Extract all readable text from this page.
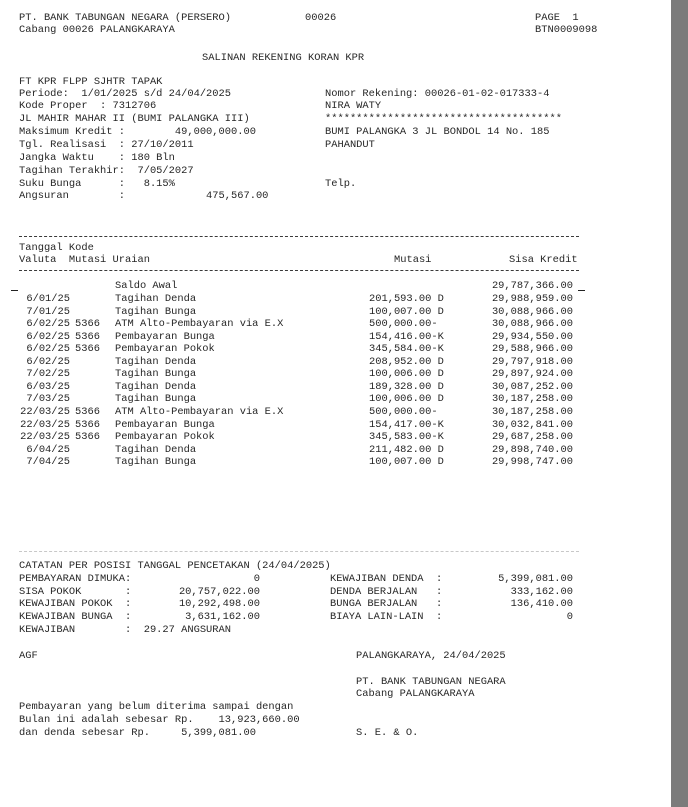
PT. BANK TABUNGAN NEGARA (PERSERO)	00026	PAGE  1
Cabang 00026 PALANGKARAYA	BTN0009098
SALINAN REKENING KORAN KPR
FT KPR FLPP SJHTR TAPAK
Periode:  1/01/2025 s/d 24/04/2025
Kode Proper  : 7312706
JL MAHIR MAHAR II (BUMI PALANGKA III)
Maksimum Kredit :        49,000,000.00
Tgl. Realisasi  : 27/10/2011
Jangka Waktu    : 180 Bln
Tagihan Terakhir:  7/05/2027
Suku Bunga      :   8.15%
Angsuran        :             475,567.00
Nomor Rekening: 00026-01-02-017333-4
NIRA WATY
**************************************
BUMI PALANGKA 3 JL BONDOL 14 No. 185
PAHANDUT
Telp.
Tanggal Kode
Valuta  Mutasi Uraian	Mutasi	Sisa Kredit
Saldo Awal	29,787,366.00
6/01/25	Tagihan Denda	201,593.00 D	29,988,959.00
7/01/25	Tagihan Bunga	100,007.00 D	30,088,966.00
6/02/25 5366 ATM Alto-Pembayaran via E.X	500,000.00-	30,088,966.00
6/02/25 5366 Pembayaran Bunga	154,416.00-K	29,934,550.00
6/02/25 5366 Pembayaran Pokok	345,584.00-K	29,588,966.00
6/02/25	Tagihan Denda	208,952.00 D	29,797,918.00
7/02/25	Tagihan Bunga	100,006.00 D	29,897,924.00
6/03/25	Tagihan Denda	189,328.00 D	30,087,252.00
7/03/25	Tagihan Bunga	100,006.00 D	30,187,258.00
22/03/25 5366 ATM Alto-Pembayaran via E.X	500,000.00-	30,187,258.00
22/03/25 5366 Pembayaran Bunga	154,417.00-K	30,032,841.00
22/03/25 5366 Pembayaran Pokok	345,583.00-K	29,687,258.00
6/04/25	Tagihan Denda	211,482.00 D	29,898,740.00
7/04/25	Tagihan Bunga	100,007.00 D	29,998,747.00
CATATAN PER POSISI TANGGAL PENCETAKAN (24/04/2025)
PEMBAYARAN DIMUKA:	0
SISA POKOK       :	20,757,022.00
KEWAJIBAN POKOK  :	10,292,498.00
KEWAJIBAN BUNGA  :	3,631,162.00
KEWAJIBAN        :  29.27 ANGSURAN
KEWAJIBAN DENDA  :	5,399,081.00
DENDA BERJALAN   :	333,162.00
BUNGA BERJALAN   :	136,410.00
BIAYA LAIN-LAIN  :	0
AGF	PALANGKARAYA, 24/04/2025
PT. BANK TABUNGAN NEGARA
Cabang PALANGKARAYA
Pembayaran yang belum diterima sampai dengan
Bulan ini adalah sebesar Rp.    13,923,660.00
dan denda sebesar Rp.     5,399,081.00	S. E. & O.
